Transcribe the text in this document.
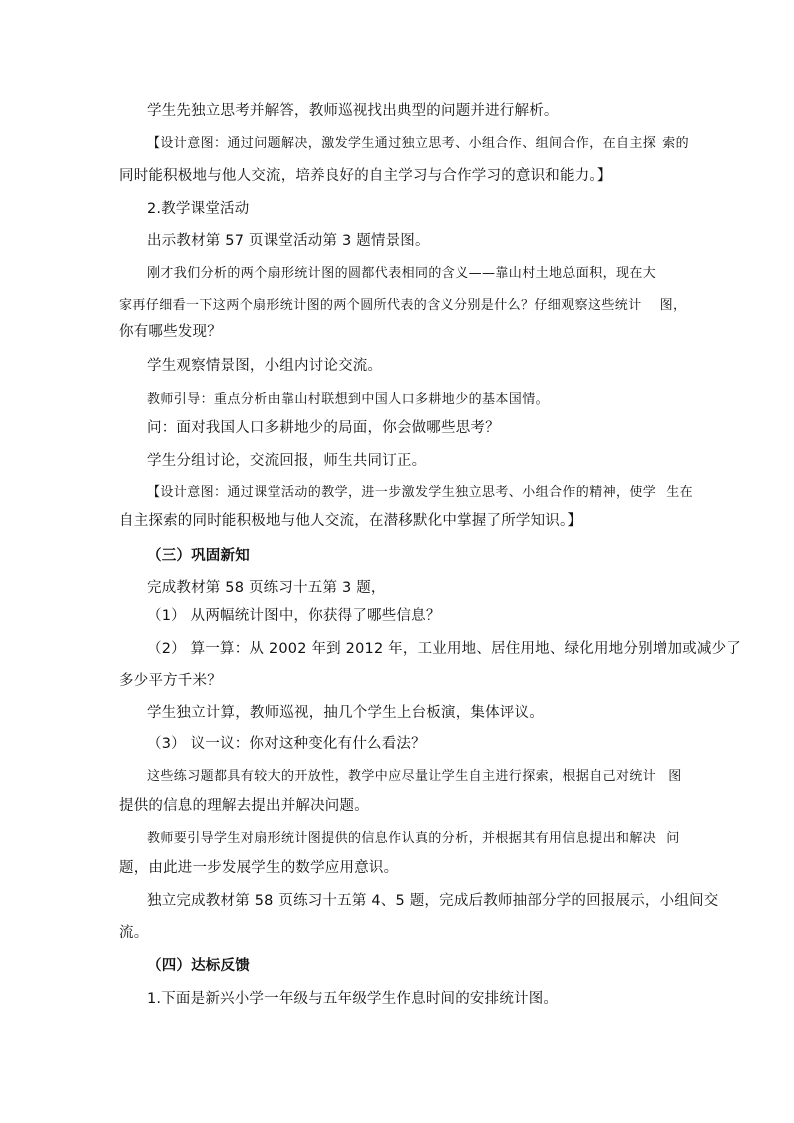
学生先独立思考并解答，教师巡视找出典型的问题并进行解析。
【设计意图：通过问题解决，激发学生通过独立思考、小组合作、组间合作，在自主探 索的
同时能积极地与他人交流，培养良好的自主学习与合作学习的意识和能力。】
2.教学课堂活动
出示教材第 57 页课堂活动第 3 题情景图。
刚才我们分析的两个扇形统计图的圆都代表相同的含义——靠山村土地总面积，现在大
家再仔细看一下这两个扇形统计图的两个圆所代表的含义分别是什么？仔细观察这些统计 图，
你有哪些发现？
学生观察情景图，小组内讨论交流。
教师引导：重点分析由靠山村联想到中国人口多耕地少的基本国情。
问：面对我国人口多耕地少的局面，你会做哪些思考？
学生分组讨论，交流回报，师生共同订正。
【设计意图：通过课堂活动的教学，进一步激发学生独立思考、小组合作的精神，使学 生在
自主探索的同时能积极地与他人交流，在潜移默化中掌握了所学知识。】
（三）巩固新知
完成教材第 58 页练习十五第 3 题，
（1） 从两幅统计图中，你获得了哪些信息？
（2） 算一算：从 2002 年到 2012 年，工业用地、居住用地、绿化用地分别增加或减少了
多少平方千米？
学生独立计算，教师巡视，抽几个学生上台板演，集体评议。
（3） 议一议：你对这种变化有什么看法？
这些练习题都具有较大的开放性，教学中应尽量让学生自主进行探索，根据自己对统计 图
提供的信息的理解去提出并解决问题。
教师要引导学生对扇形统计图提供的信息作认真的分析，并根据其有用信息提出和解决 问
题，由此进一步发展学生的数学应用意识。
独立完成教材第 58 页练习十五第 4、5 题，完成后教师抽部分学的回报展示，小组间交
流。
（四）达标反馈
1.下面是新兴小学一年级与五年级学生作息时间的安排统计图。
